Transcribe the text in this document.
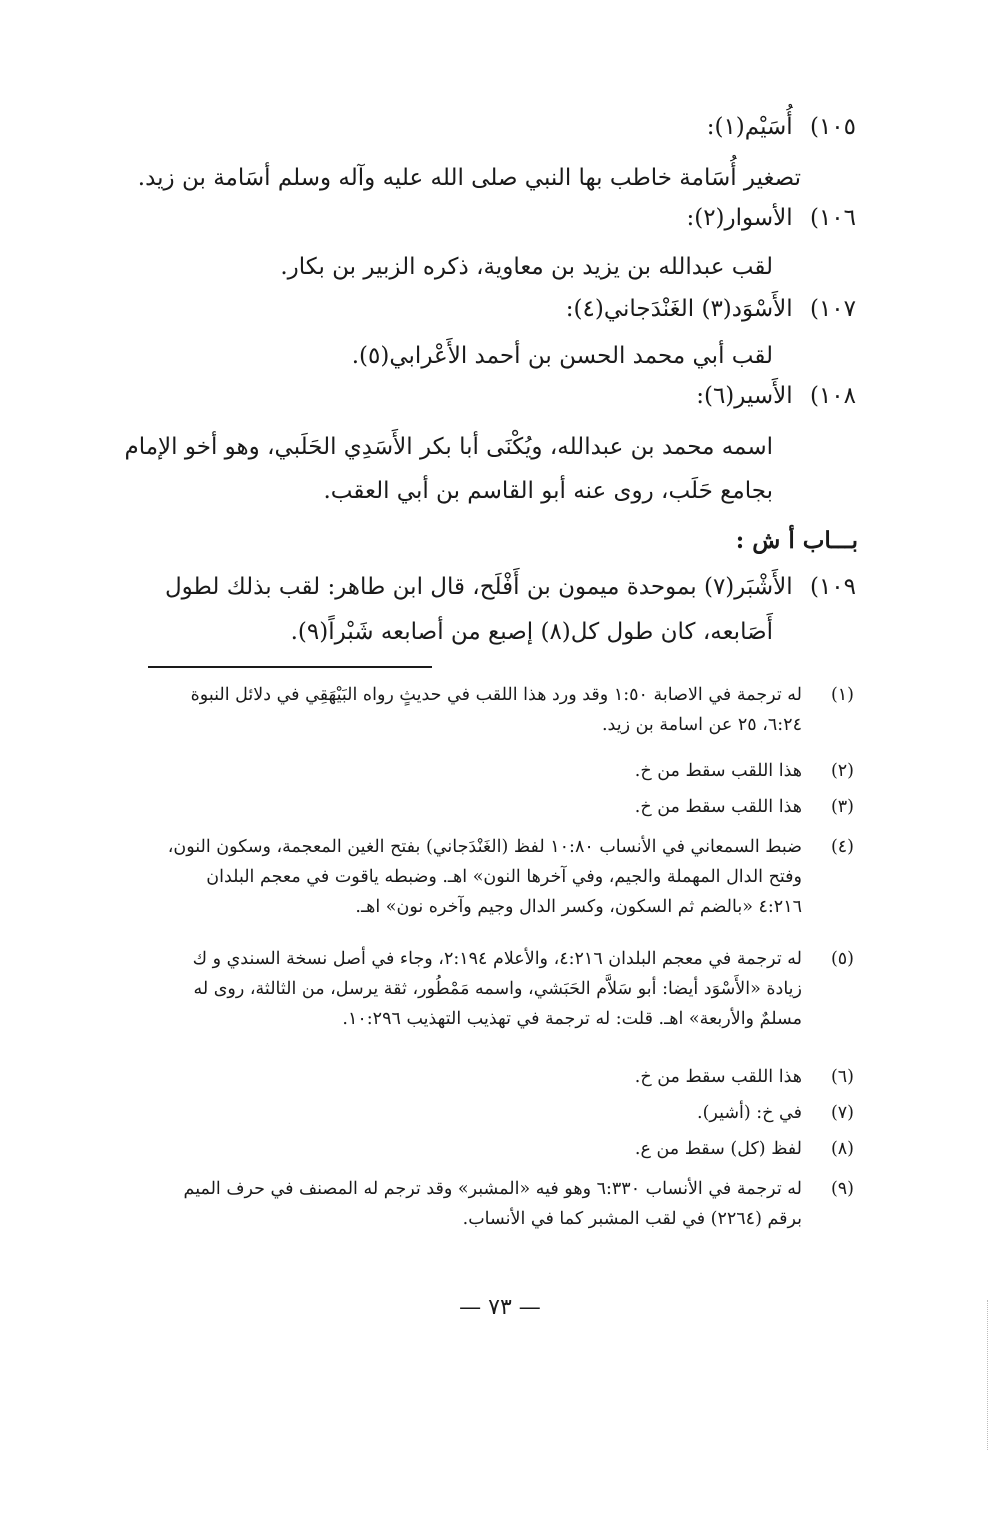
١٠٥) أُسَيْم(١):
تصغير أُسَامة خاطب بها النبي صلى الله عليه وآله وسلم أسَامة بن زيد.
١٠٦) الأسوار(٢):
لقب عبدالله بن يزيد بن معاوية، ذكره الزبير بن بكار.
١٠٧) الأَسْوَد(٣) الغَنْدَجاني(٤):
لقب أبي محمد الحسن بن أحمد الأَعْرابي(٥).
١٠٨) الأَسير(٦):
اسمه محمد بن عبدالله، ويُكْنَى أبا بكر الأَسَدِي الحَلَبي، وهو أخو الإمام
بجامع حَلَب، روى عنه أبو القاسم بن أبي العقب.
بـــاب أ ش :
١٠٩) الأَشْبَر(٧) بموحدة ميمون بن أَفْلَح، قال ابن طاهر: لقب بذلك لطول
أَصَابعه، كان طول كل(٨) إصبع من أصابعه شَبْراً(٩).
(١)
له ترجمة في الاصابة ١:٥٠ وقد ورد هذا اللقب في حديثٍ رواه البَيْهَقِي في دلائل النبوة ٦:٢٤، ٢٥ عن اسامة بن زيد.
(٢)
هذا اللقب سقط من خ.
(٣)
هذا اللقب سقط من خ.
(٤)
ضبط السمعاني في الأنساب ١٠:٨٠ لفظ (الغَنْدَجاني) بفتح الغين المعجمة، وسكون النون، وفتح الدال المهملة والجيم، وفي آخرها النون» اهـ. وضبطه ياقوت في معجم البلدان ٤:٢١٦ «بالضم ثم السكون، وكسر الدال وجيم وآخره نون» اهـ.
(٥)
له ترجمة في معجم البلدان ٤:٢١٦، والأعلام ٢:١٩٤، وجاء في أصل نسخة السندي و ك زيادة «الأَسْوَد أيضا: أبو سَلاَّم الحَبَشي، واسمه مَمْطُور، ثقة يرسل، من الثالثة، روى له مسلمٌ والأربعة» اهـ. قلت: له ترجمة في تهذيب التهذيب ١٠:٢٩٦.
(٦)
هذا اللقب سقط من خ.
(٧)
في خ: (أشير).
(٨)
لفظ (كل) سقط من ع.
(٩)
له ترجمة في الأنساب ٦:٣٣٠ وهو فيه «المشبر» وقد ترجم له المصنف في حرف الميم برقم (٢٢٦٤) في لقب المشبر كما في الأنساب.
— ٧٣ —
